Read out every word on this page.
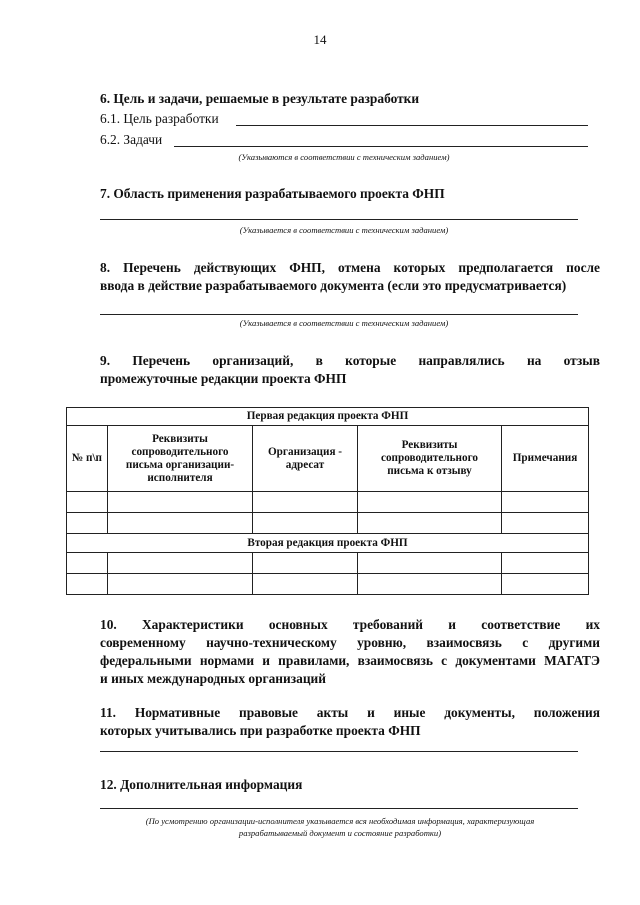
14
6. Цель и задачи, решаемые в результате разработки
6.1. Цель разработки
6.2. Задачи
(Указываются в соответствии с техническим заданием)
7. Область применения разрабатываемого проекта ФНП
(Указывается в соответствии с техническим заданием)
8. Перечень действующих ФНП, отмена которых предполагается после
ввода в действие разрабатываемого документа (если это предусматривается)
(Указывается в соответствии с техническим заданием)
9. Перечень организаций, в которые направлялись на отзыв
промежуточные редакции проекта ФНП
Первая редакция проекта ФНП				
№ п\п	Реквизиты сопроводительного письма организации-исполнителя	Организация - адресат	Реквизиты сопроводительного письма к отзыву	Примечания

Вторая редакция проекта ФНП				

10. Характеристики основных требований и соответствие их
современному научно-техническому уровню, взаимосвязь с другими
федеральными нормами и правилами, взаимосвязь с документами МАГАТЭ
и иных международных организаций
11. Нормативные правовые акты и иные документы, положения
которых учитывались при разработке проекта ФНП
12. Дополнительная информация
(По усмотрению организации-исполнителя указывается вся необходимая информация, характеризующая
разрабатываемый документ и состояние разработки)
